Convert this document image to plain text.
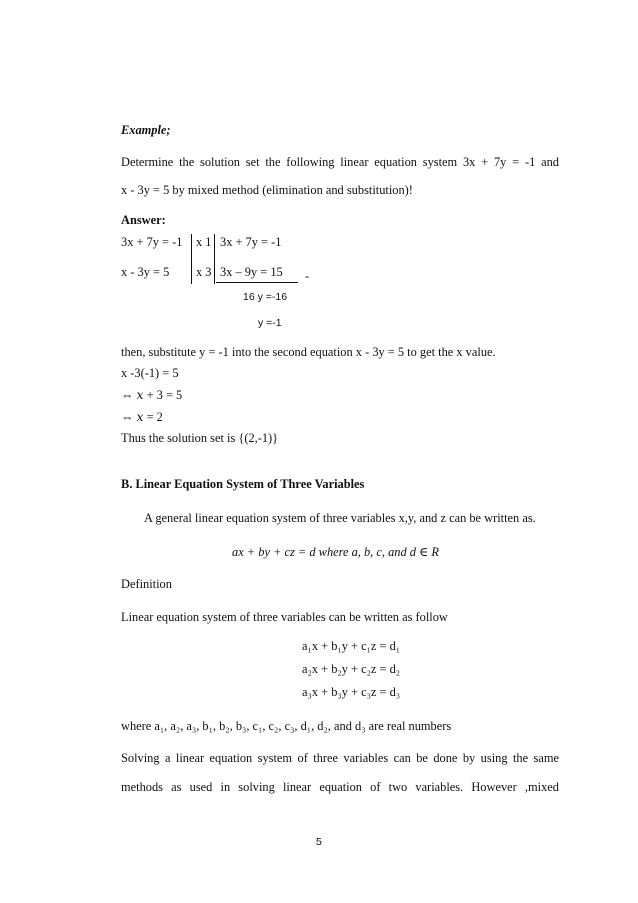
Example;
Determine the solution set the following linear equation system 3x + 7y = -1 and
x - 3y = 5 by mixed method (elimination and substitution)!
Answer:
3x + 7y = -1 x 1 3x + 7y = -1
x - 3y = 5 x 3 3x – 9y = 15 -
16 y =-16
y =-1
then, substitute y = -1 into the second equation x - 3y = 5 to get the x value.
x -3(-1) = 5
⇔ 𝑥 + 3 = 5
⇔ 𝑥 = 2
Thus the solution set is {(2,-1)}
B. Linear Equation System of Three Variables
A general linear equation system of three variables x,y, and z can be written as.
ax + by + cz = d where a, b, c, and d ∈ R
Definition
Linear equation system of three variables can be written as follow
a₁x + b₁y + c₁z = d₁
a₂x + b₂y + c₂z = d₂
a₃x + b₃y + c₃z = d₃
where a₁, a₂, a₃, b₁, b₂, b₃, c₁, c₂, c₃, d₁, d₂, and d₃ are real numbers
Solving a linear equation system of three variables can be done by using the same
methods as used in solving linear equation of two variables. However ,mixed
5
